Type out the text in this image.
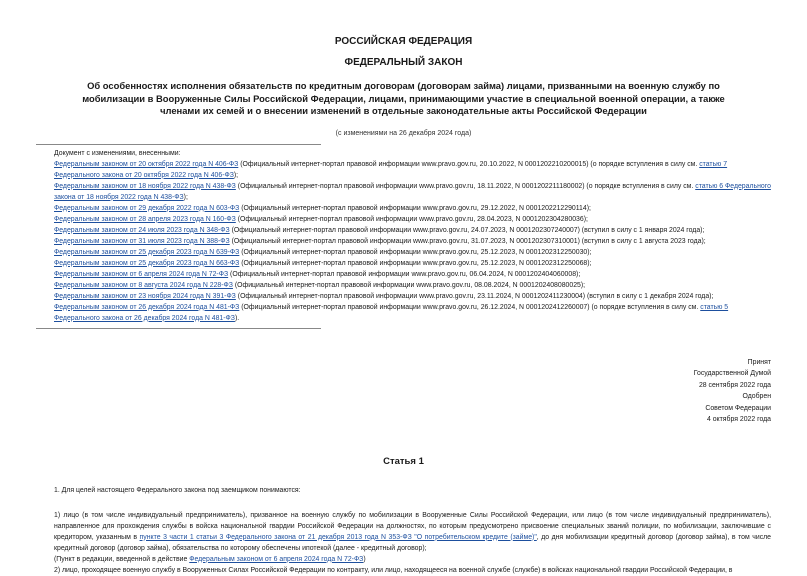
РОССИЙСКАЯ ФЕДЕРАЦИЯ
ФЕДЕРАЛЬНЫЙ ЗАКОН
Об особенностях исполнения обязательств по кредитным договорам (договорам займа) лицами, призванными на военную службу по мобилизации в Вооруженные Силы Российской Федерации, лицами, принимающими участие в специальной военной операции, а также членами их семей и о внесении изменений в отдельные законодательные акты Российской Федерации
(с изменениями на 26 декабря 2024 года)
Документ с изменениями, внесенными:
Федеральным законом от 20 октября 2022 года N 406-ФЗ (Официальный интернет-портал правовой информации www.pravo.gov.ru, 20.10.2022, N 0001202210200015) (о порядке вступления в силу см. статью 7 Федерального закона от 20 октября 2022 года N 406-ФЗ);
Федеральным законом от 18 ноября 2022 года N 438-ФЗ (Официальный интернет-портал правовой информации www.pravo.gov.ru, 18.11.2022, N 0001202211180002) (о порядке вступления в силу см. статью 6 Федерального закона от 18 ноября 2022 года N 438-ФЗ);
Федеральным законом от 29 декабря 2022 года N 603-ФЗ (Официальный интернет-портал правовой информации www.pravo.gov.ru, 29.12.2022, N 0001202212290114);
Федеральным законом от 28 апреля 2023 года N 160-ФЗ (Официальный интернет-портал правовой информации www.pravo.gov.ru, 28.04.2023, N 0001202304280036);
Федеральным законом от 24 июля 2023 года N 348-ФЗ (Официальный интернет-портал правовой информации www.pravo.gov.ru, 24.07.2023, N 0001202307240007) (вступил в силу с 1 января 2024 года);
Федеральным законом от 31 июля 2023 года N 388-ФЗ (Официальный интернет-портал правовой информации www.pravo.gov.ru, 31.07.2023, N 0001202307310001) (вступил в силу с 1 августа 2023 года);
Федеральным законом от 25 декабря 2023 года N 639-ФЗ (Официальный интернет-портал правовой информации www.pravo.gov.ru, 25.12.2023, N 0001202312250030);
Федеральным законом от 25 декабря 2023 года N 663-ФЗ (Официальный интернет-портал правовой информации www.pravo.gov.ru, 25.12.2023, N 0001202312250068);
Федеральным законом от 6 апреля 2024 года N 72-ФЗ (Официальный интернет-портал правовой информации www.pravo.gov.ru, 06.04.2024, N 0001202404060008);
Федеральным законом от 8 августа 2024 года N 228-ФЗ (Официальный интернет-портал правовой информации www.pravo.gov.ru, 08.08.2024, N 0001202408080025);
Федеральным законом от 23 ноября 2024 года N 391-ФЗ (Официальный интернет-портал правовой информации www.pravo.gov.ru, 23.11.2024, N 0001202411230004) (вступил в силу с 1 декабря 2024 года);
Федеральным законом от 26 декабря 2024 года N 481-ФЗ (Официальный интернет-портал правовой информации www.pravo.gov.ru, 26.12.2024, N 0001202412260007) (о порядке вступления в силу см. статью 5 Федерального закона от 26 декабря 2024 года N 481-ФЗ).
Принят
Государственной Думой
28 сентября 2022 года
Одобрен
Советом Федерации
4 октября 2022 года
Статья 1
1. Для целей настоящего Федерального закона под заемщиком понимаются:
1) лицо (в том числе индивидуальный предприниматель), призванное на военную службу по мобилизации в Вооруженные Силы Российской Федерации, или лицо (в том числе индивидуальный предприниматель), направленное для прохождения службы в войска национальной гвардии Российской Федерации на должностях, по которым предусмотрено присвоение специальных званий полиции, по мобилизации, заключившие с кредитором, указанным в пункте 3 части 1 статьи 3 Федерального закона от 21 декабря 2013 года N 353-ФЗ "О потребительском кредите (займе)", до дня мобилизации кредитный договор (договор займа), в том числе кредитный договор (договор займа), обязательства по которому обеспечены ипотекой (далее - кредитный договор);
(Пункт в редакции, введенной в действие Федеральным законом от 6 апреля 2024 года N 72-ФЗ)
2) лицо, проходящее военную службу в Вооруженных Силах Российской Федерации по контракту, или лицо, находящееся на военной службе (службе) в войсках национальной гвардии Российской Федерации, в
